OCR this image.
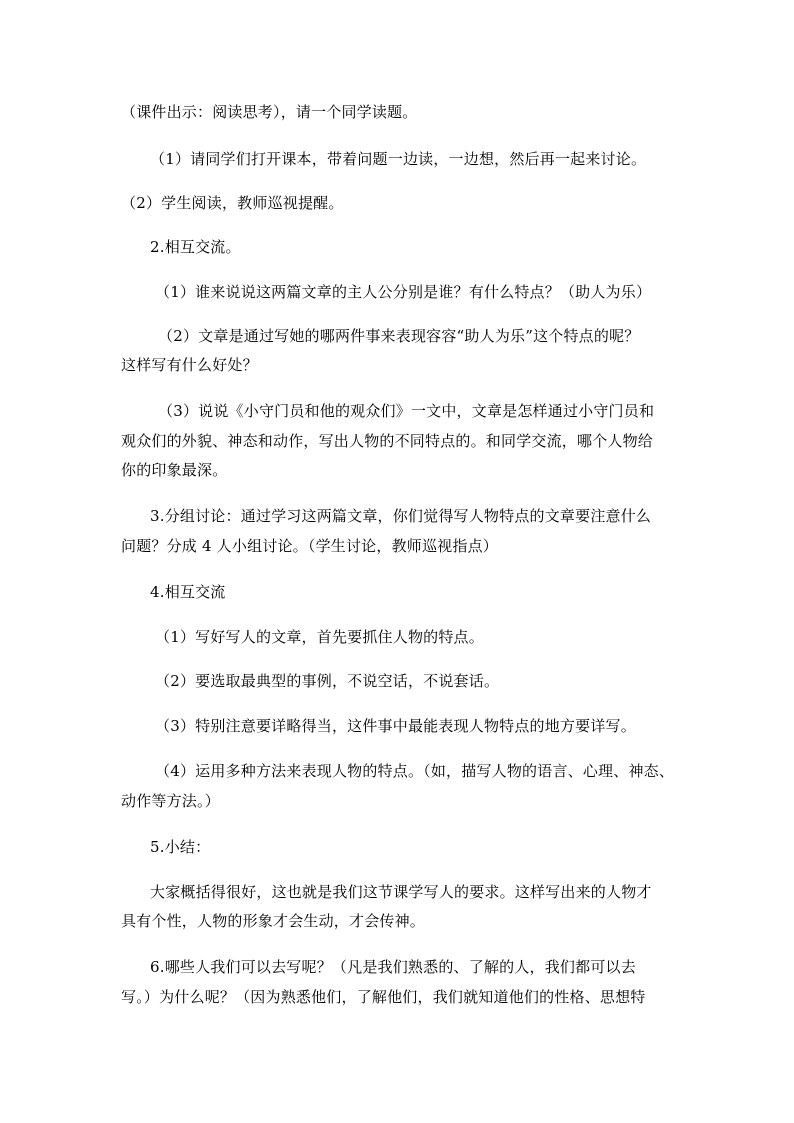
（课件出示：阅读思考），请一个同学读题。
（1）请同学们打开课本，带着问题一边读，一边想，然后再一起来讨论。
（2）学生阅读，教师巡视提醒。
2.相互交流。
（1）谁来说说这两篇文章的主人公分别是谁？有什么特点？（助人为乐）
（2）文章是通过写她的哪两件事来表现容容“助人为乐”这个特点的呢？
这样写有什么好处？
（3）说说《小守门员和他的观众们》一文中，文章是怎样通过小守门员和
观众们的外貌、神态和动作，写出人物的不同特点的。和同学交流，哪个人物给
你的印象最深。
3.分组讨论：通过学习这两篇文章，你们觉得写人物特点的文章要注意什么
问题？分成 4 人小组讨论。（学生讨论，教师巡视指点）
4.相互交流
（1）写好写人的文章，首先要抓住人物的特点。
（2）要选取最典型的事例，不说空话，不说套话。
（3）特别注意要详略得当，这件事中最能表现人物特点的地方要详写。
（4）运用多种方法来表现人物的特点。（如，描写人物的语言、心理、神态、
动作等方法。）
5.小结：
大家概括得很好，这也就是我们这节课学写人的要求。这样写出来的人物才
具有个性，人物的形象才会生动，才会传神。
6.哪些人我们可以去写呢？（凡是我们熟悉的、了解的人，我们都可以去
写。）为什么呢？（因为熟悉他们，了解他们，我们就知道他们的性格、思想特
